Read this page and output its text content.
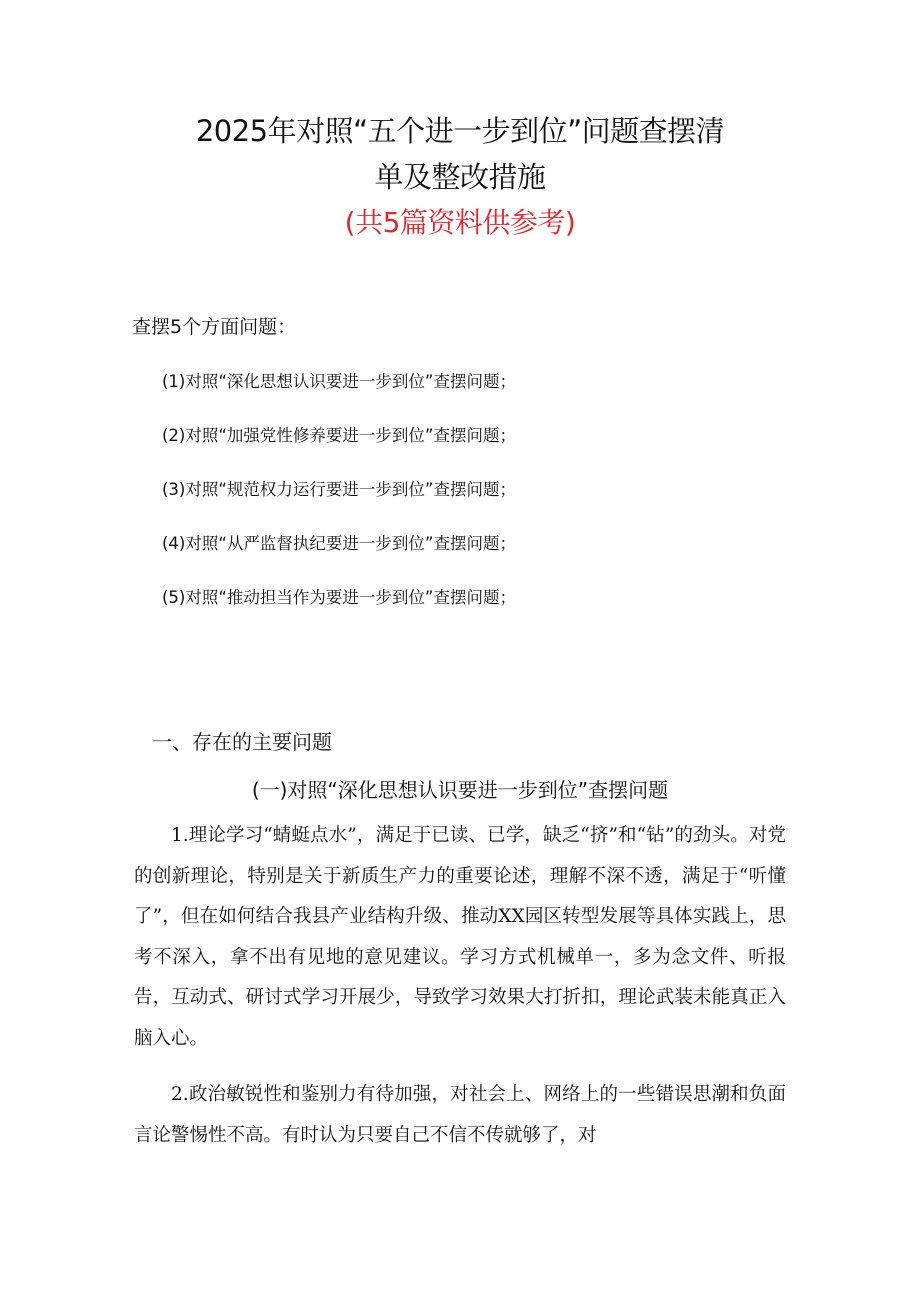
2025年对照“五个进一步到位”问题查摆清
单及整改措施
(共5篇资料供参考)
查摆5个方面问题：
(1)对照“深化思想认识要进一步到位”查摆问题；
(2)对照“加强党性修养要进一步到位”查摆问题；
(3)对照“规范权力运行要进一步到位”查摆问题；
(4)对照“从严监督执纪要进一步到位”查摆问题；
(5)对照“推动担当作为要进一步到位”查摆问题；
一、存在的主要问题
(一)对照“深化思想认识要进一步到位”查摆问题

1.理论学习“蜻蜓点水”，满足于已读、已学，缺乏“挤”和“钻”的劲头。对党的创新理论，特别是关于新质生产力的重要论述，理解不深不透，满足于“听懂了”，但在如何结合我县产业结构升级、推动XX园区转型发展等具体实践上，思考不深入，拿不出有见地的意见建议。学习方式机械单一，多为念文件、听报告，互动式、研讨式学习开展少，导致学习效果大打折扣，理论武装未能真正入脑入心。

2.政治敏锐性和鉴别力有待加强，对社会上、网络上的一些错误思潮和负面言论警惕性不高。有时认为只要自己不信不传就够了，对
